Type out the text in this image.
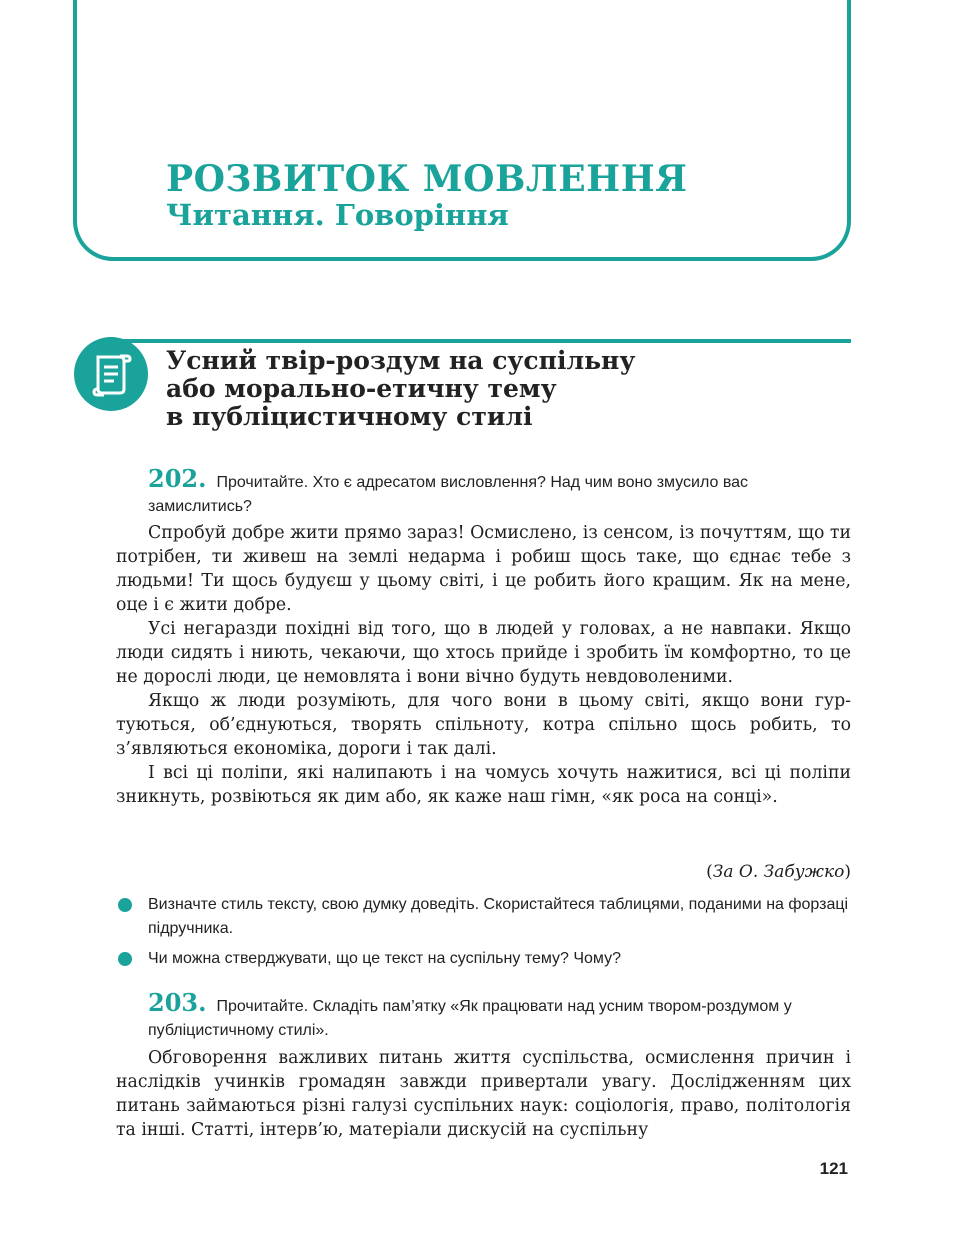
РОЗВИТОК МОВЛЕННЯ
Читання. Говоріння
Усний твір-роздум на суспільну
або морально-етичну тему
в публіцистичному стилі
202. Прочитайте. Хто є адресатом висловлення? Над чим воно змусило вас замислитись?

Спробуй добре жити прямо зараз! Осмислено, із сенсом, із почуттям, що ти потрібен, ти живеш на землі недарма і робиш щось таке, що єднає тебе з людьми! Ти щось будуєш у цьому світі, і це робить його кращим. Як на мене, оце і є жити добре.

Усі негаразди похідні від того, що в людей у головах, а не навпаки. Якщо люди сидять і ниють, чекаючи, що хтось прийде і зробить їм комфортно, то це не дорослі люди, це немовлята і вони вічно будуть невдоволеними.

Якщо ж люди розуміють, для чого вони в цьому світі, якщо вони гуртуються, об’єднуються, творять спільноту, котра спільно щось робить, то з’являються економіка, дороги і так далі.

І всі ці поліпи, які налипають і на чомусь хочуть нажитися, всі ці поліпи зникнуть, розвіються як дим або, як каже наш гімн, «як роса на сонці».

(За О. Забужко)
Визначте стиль тексту, свою думку доведіть. Скористайтеся таблицями, поданими на форзаці підручника.
Чи можна стверджувати, що це текст на суспільну тему? Чому?
203. Прочитайте. Складіть пам’ятку «Як працювати над усним твором-роздумом у публіцистичному стилі».

Обговорення важливих питань життя суспільства, осмислення причин і наслідків учинків громадян завжди привертали увагу. Дослідженням цих питань займаються різні галузі суспільних наук: соціологія, право, політологія та інші. Статті, інтерв’ю, матеріали дискусій на суспільну

121
